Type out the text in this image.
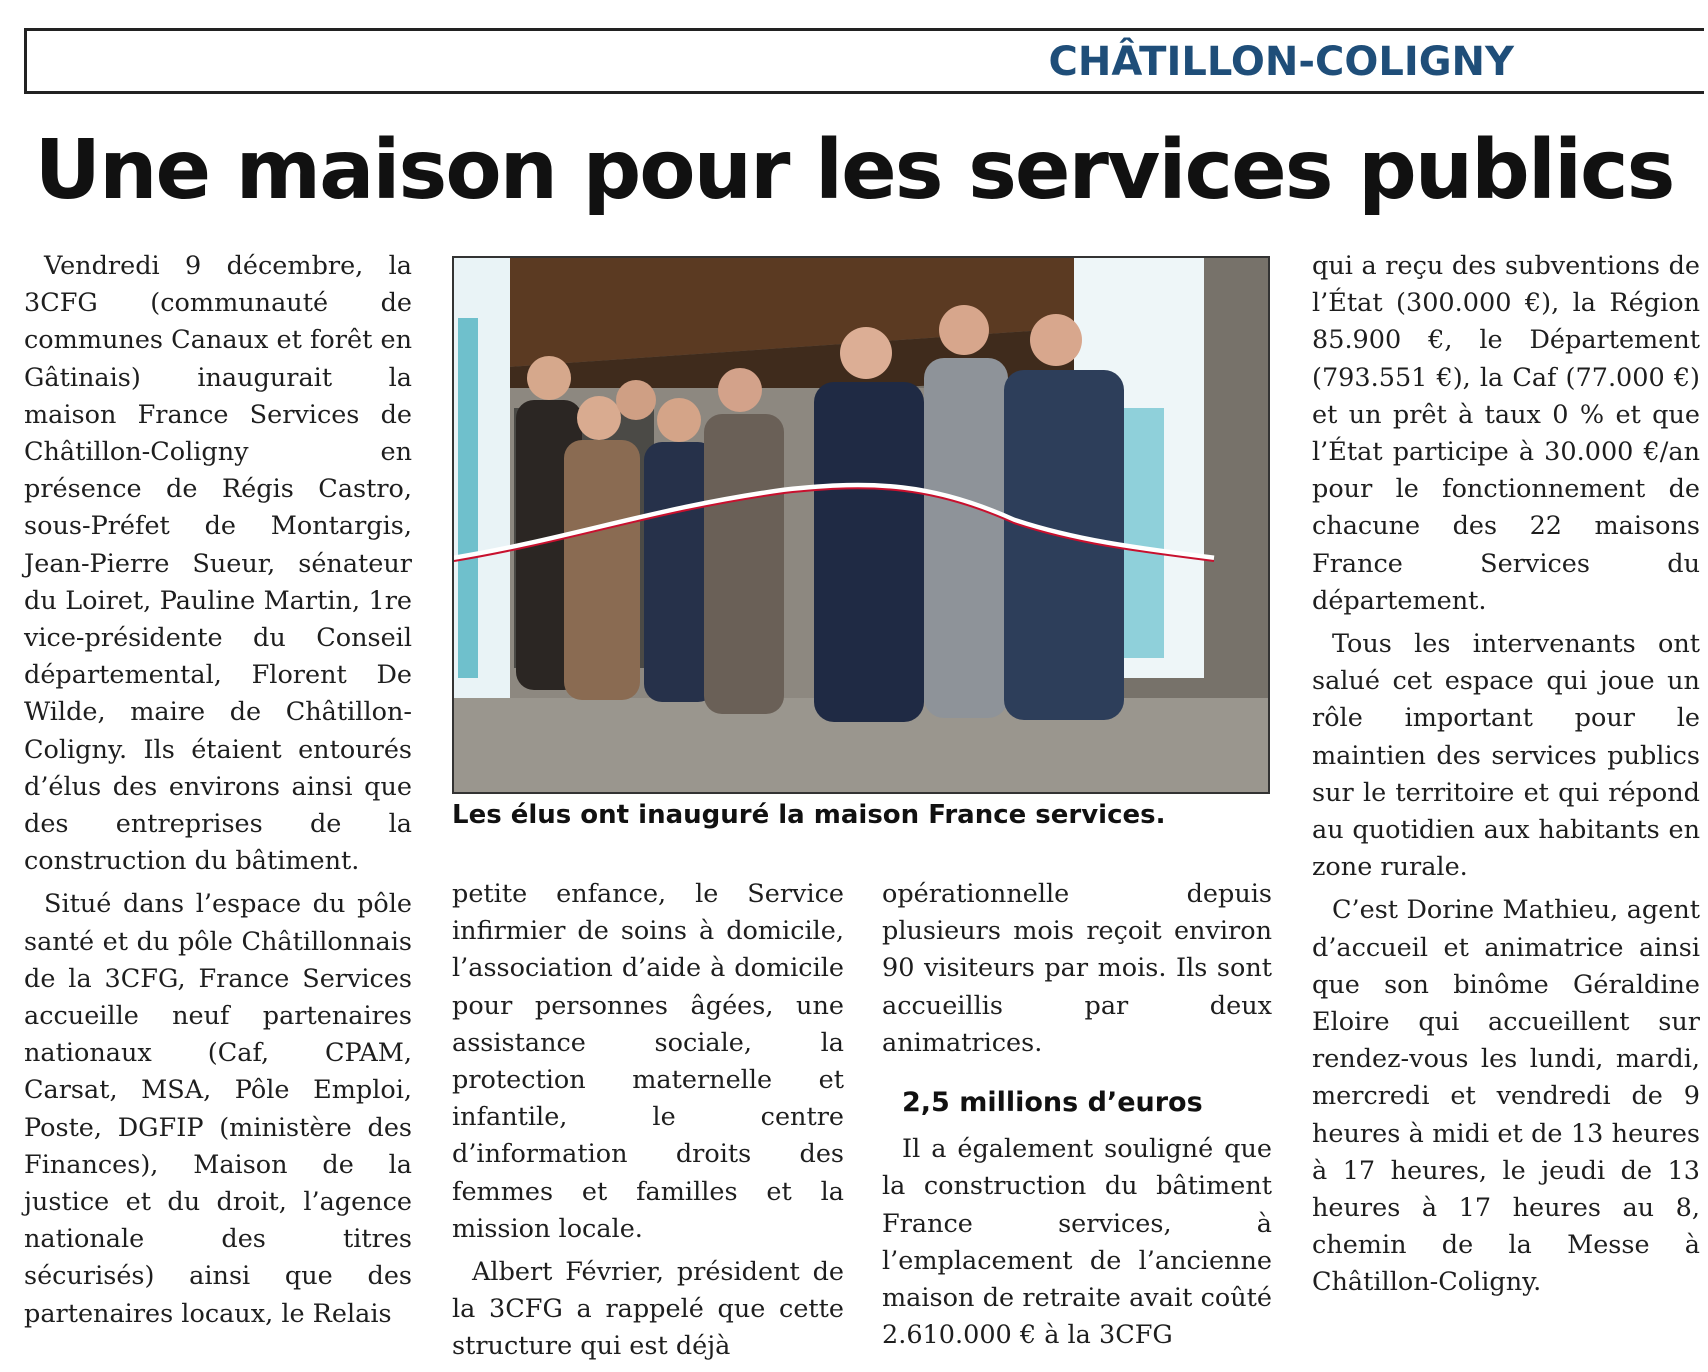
CHÂTILLON-COLIGNY
Une maison pour les services publics

Vendredi 9 décembre, la 3CFG (communauté de communes Canaux et forêt en Gâtinais) inaugurait la maison France Services de Châtillon-Coligny en présence de Régis Castro, sous-Préfet de Montargis, Jean-Pierre Sueur, sénateur du Loiret, Pauline Martin, 1re vice-présidente du Conseil départemental, Florent De Wilde, maire de Châtillon-Coligny. Ils étaient entourés d’élus des environs ainsi que des entreprises de la construction du bâtiment.

Situé dans l’espace du pôle santé et du pôle Châtillonnais de la 3CFG, France Services accueille neuf partenaires nationaux (Caf, CPAM, Carsat, MSA, Pôle Emploi, Poste, DGFIP (ministère des Finances), Maison de la justice et du droit, l’agence nationale des titres sécurisés) ainsi que des partenaires locaux, le Relais

Les élus ont inauguré la maison France services.

petite enfance, le Service infirmier de soins à domicile, l’association d’aide à domicile pour personnes âgées, une assistance sociale, la protection maternelle et infantile, le centre d’information droits des femmes et familles et la mission locale.

Albert Février, président de la 3CFG a rappelé que cette structure qui est déjà

opérationnelle depuis plusieurs mois reçoit environ 90 visiteurs par mois. Ils sont accueillis par deux animatrices.

2,5 millions d’euros

Il a également souligné que la construction du bâtiment France services, à l’emplacement de l’ancienne maison de retraite avait coûté 2.610.000 € à la 3CFG

qui a reçu des subventions de l’État (300.000 €), la Région 85.900 €, le Département (793.551 €), la Caf (77.000 €) et un prêt à taux 0 % et que l’État participe à 30.000 €/an pour le fonctionnement de chacune des 22 maisons France Services du département.

Tous les intervenants ont salué cet espace qui joue un rôle important pour le maintien des services publics sur le territoire et qui répond au quotidien aux habitants en zone rurale.

C’est Dorine Mathieu, agent d’accueil et animatrice ainsi que son binôme Géraldine Eloire qui accueillent sur rendez-vous les lundi, mardi, mercredi et vendredi de 9 heures à midi et de 13 heures à 17 heures, le jeudi de 13 heures à 17 heures au 8, chemin de la Messe à Châtillon-Coligny.
